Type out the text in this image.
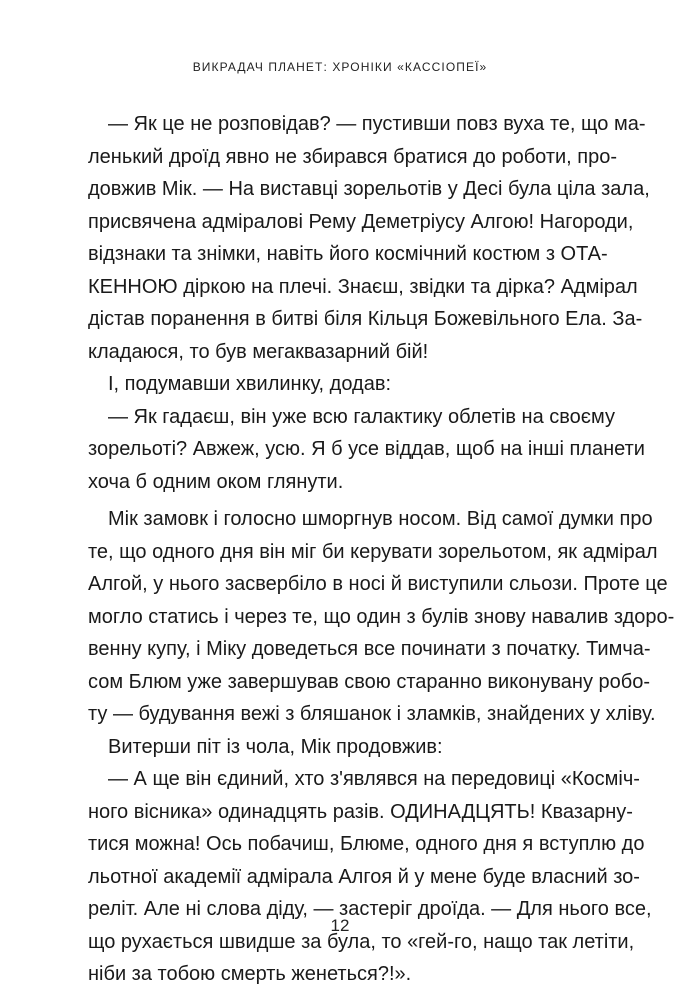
ВИКРАДАЧ ПЛАНЕТ: ХРОНІКИ «КАССІОПЕЇ»
— Як це не розповідав? — пустивши повз вуха те, що ма-
ленький дроїд явно не збирався братися до роботи, про-
довжив Мік. — На виставці зорельотів у Десі була ціла зала,
присвячена адміралові Рему Деметріусу Алгою! Нагороди,
відзнаки та знімки, навіть його космічний костюм з ОТА-
КЕННОЮ діркою на плечі. Знаєш, звідки та дірка? Адмірал
дістав поранення в битві біля Кільця Божевільного Ела. За-
кладаюся, то був мегаквазарний бій!
І, подумавши хвилинку, додав:
— Як гадаєш, він уже всю галактику облетів на своєму
зорельоті? Авжеж, усю. Я б усе віддав, щоб на інші планети
хоча б одним оком глянути.
Мік замовк і голосно шморгнув носом. Від самої думки про
те, що одного дня він міг би керувати зорельотом, як адмірал
Алгой, у нього засвербіло в носі й виступили сльози. Проте це
могло статись і через те, що один з булів знову навалив здоро-
венну купу, і Міку доведеться все починати з початку. Тимча-
сом Блюм уже завершував свою старанно виконувану робо-
ту — будування вежі з бляшанок і зламків, знайдених у хліву.
Витерши піт із чола, Мік продовжив:
— А ще він єдиний, хто з'являвся на передовиці «Косміч-
ного вісника» одинадцять разів. ОДИНАДЦЯТЬ! Квазарну-
тися можна! Ось побачиш, Блюме, одного дня я вступлю до
льотної академії адмірала Алгоя й у мене буде власний зо-
реліт. Але ні слова діду, — застеріг дроїда. — Для нього все,
що рухається швидше за була, то «гей-го, нащо так летіти,
ніби за тобою смерть женеться?!».
12
